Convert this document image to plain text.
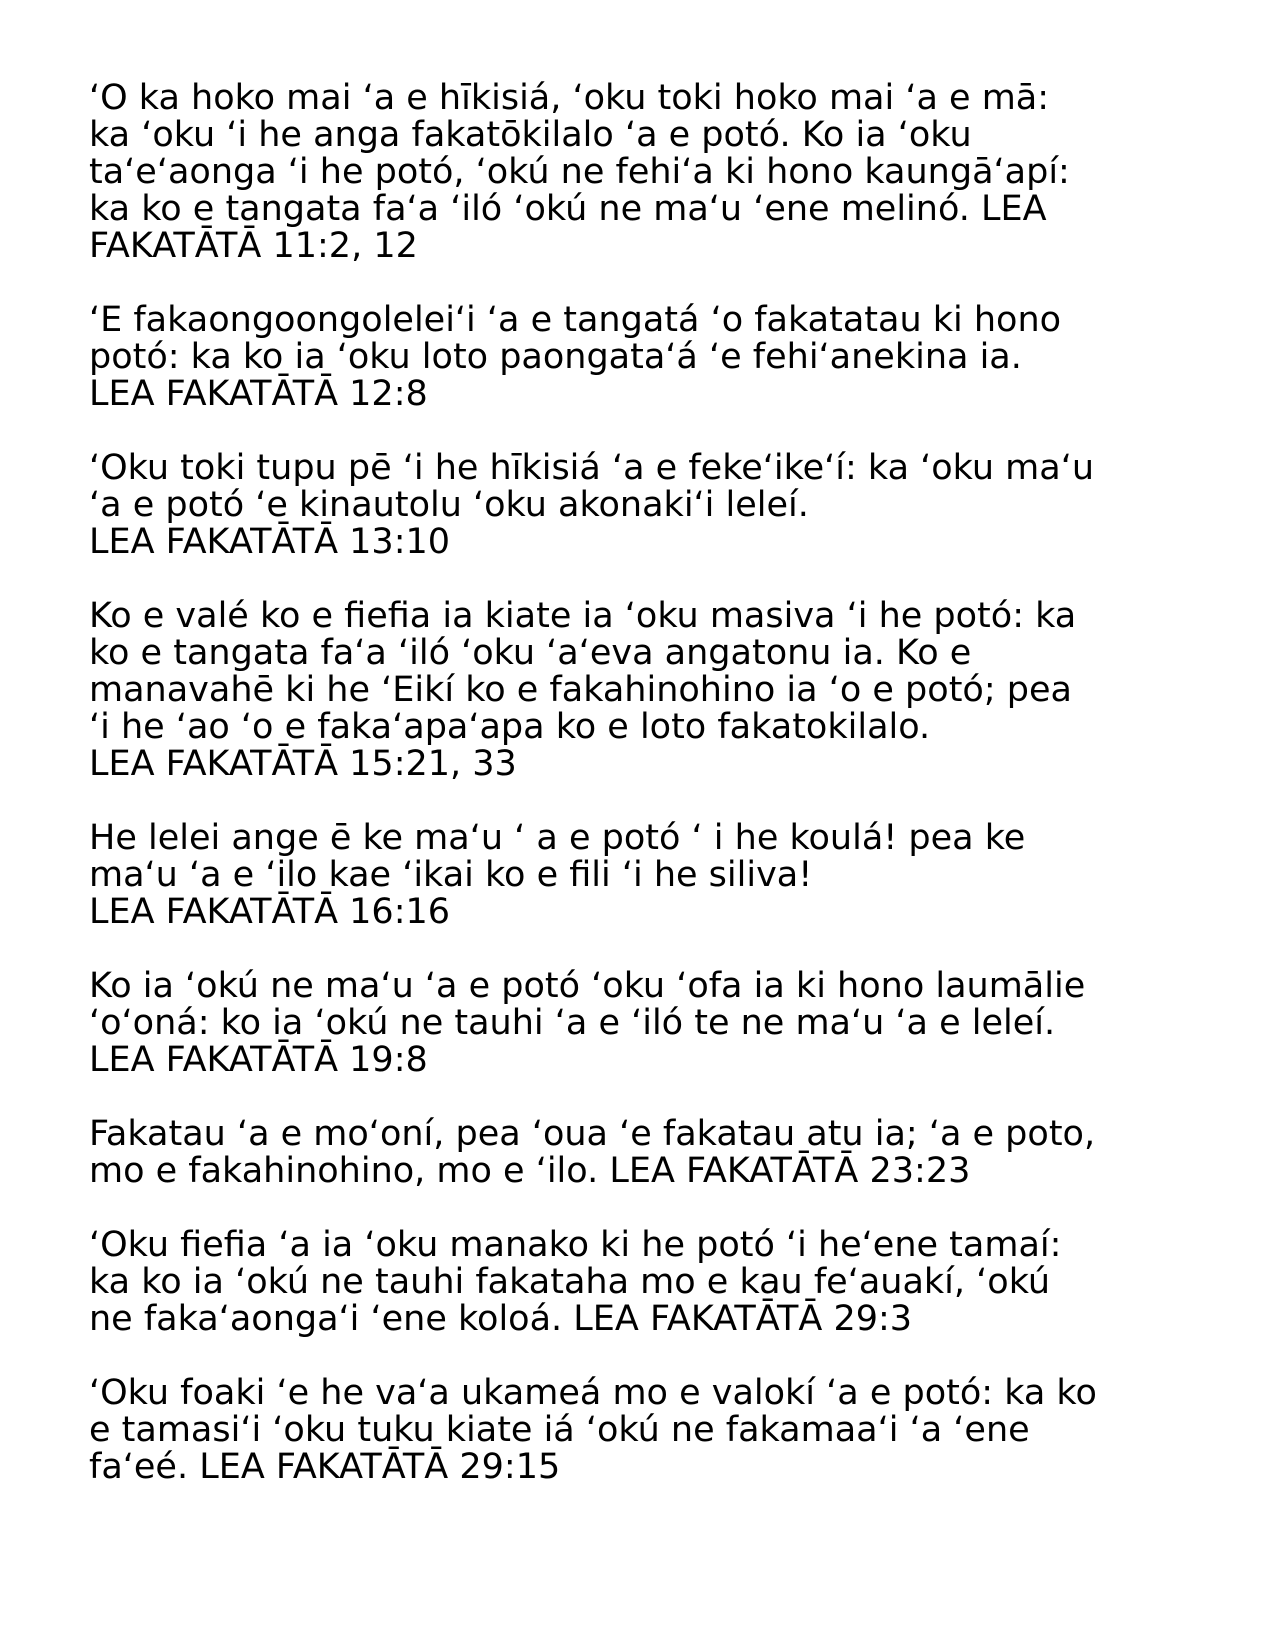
‘O ka hoko mai ‘a e hīkisiá, ‘oku toki hoko mai ‘a e mā:
ka ‘oku ‘i he anga fakatōkilalo ‘a e potó. Ko ia ‘oku
ta‘e‘aonga ‘i he potó, ‘okú ne fehi‘a ki hono kaungā‘apí:
ka ko e tangata fa‘a ‘iló ‘okú ne ma‘u ‘ene melinó. LEA
FAKATĀTĀ 11:2, 12

‘E fakaongoongolelei‘i ‘a e tangatá ‘o fakatatau ki hono
potó: ka ko ia ‘oku loto paongata‘á ‘e fehi‘anekina ia.
LEA FAKATĀTĀ 12:8

‘Oku toki tupu pē ‘i he hīkisiá ‘a e feke‘ike‘í: ka ‘oku ma‘u
‘a e potó ‘e kinautolu ‘oku akonaki‘i leleí.
LEA FAKATĀTĀ 13:10

Ko e valé ko e fiefia ia kiate ia ‘oku masiva ‘i he potó: ka
ko e tangata fa‘a ‘iló ‘oku ‘a‘eva angatonu ia. Ko e
manavahē ki he ‘Eikí ko e fakahinohino ia ‘o e potó; pea
‘i he ‘ao ‘o e faka‘apa‘apa ko e loto fakatokilalo.
LEA FAKATĀTĀ 15:21, 33

He lelei ange ē ke ma‘u ‘ a e potó ‘ i he koulá! pea ke
ma‘u ‘a e ‘ilo kae ‘ikai ko e fili ‘i he siliva!
LEA FAKATĀTĀ 16:16

Ko ia ‘okú ne ma‘u ‘a e potó ‘oku ‘ofa ia ki hono laumālie
‘o‘oná: ko ia ‘okú ne tauhi ‘a e ‘iló te ne ma‘u ‘a e leleí.
LEA FAKATĀTĀ 19:8

Fakatau ‘a e mo‘oní, pea ‘oua ‘e fakatau atu ia; ‘a e poto,
mo e fakahinohino, mo e ‘ilo. LEA FAKATĀTĀ 23:23

‘Oku fiefia ‘a ia ‘oku manako ki he potó ‘i he‘ene tamaí:
ka ko ia ‘okú ne tauhi fakataha mo e kau fe‘auakí, ‘okú
ne faka‘aonga‘i ‘ene koloá. LEA FAKATĀTĀ 29:3

‘Oku foaki ‘e he va‘a ukameá mo e valokí ‘a e potó: ka ko
e tamasi‘i ‘oku tuku kiate iá ‘okú ne fakamaa‘i ‘a ‘ene
fa‘eé. LEA FAKATĀTĀ 29:15
